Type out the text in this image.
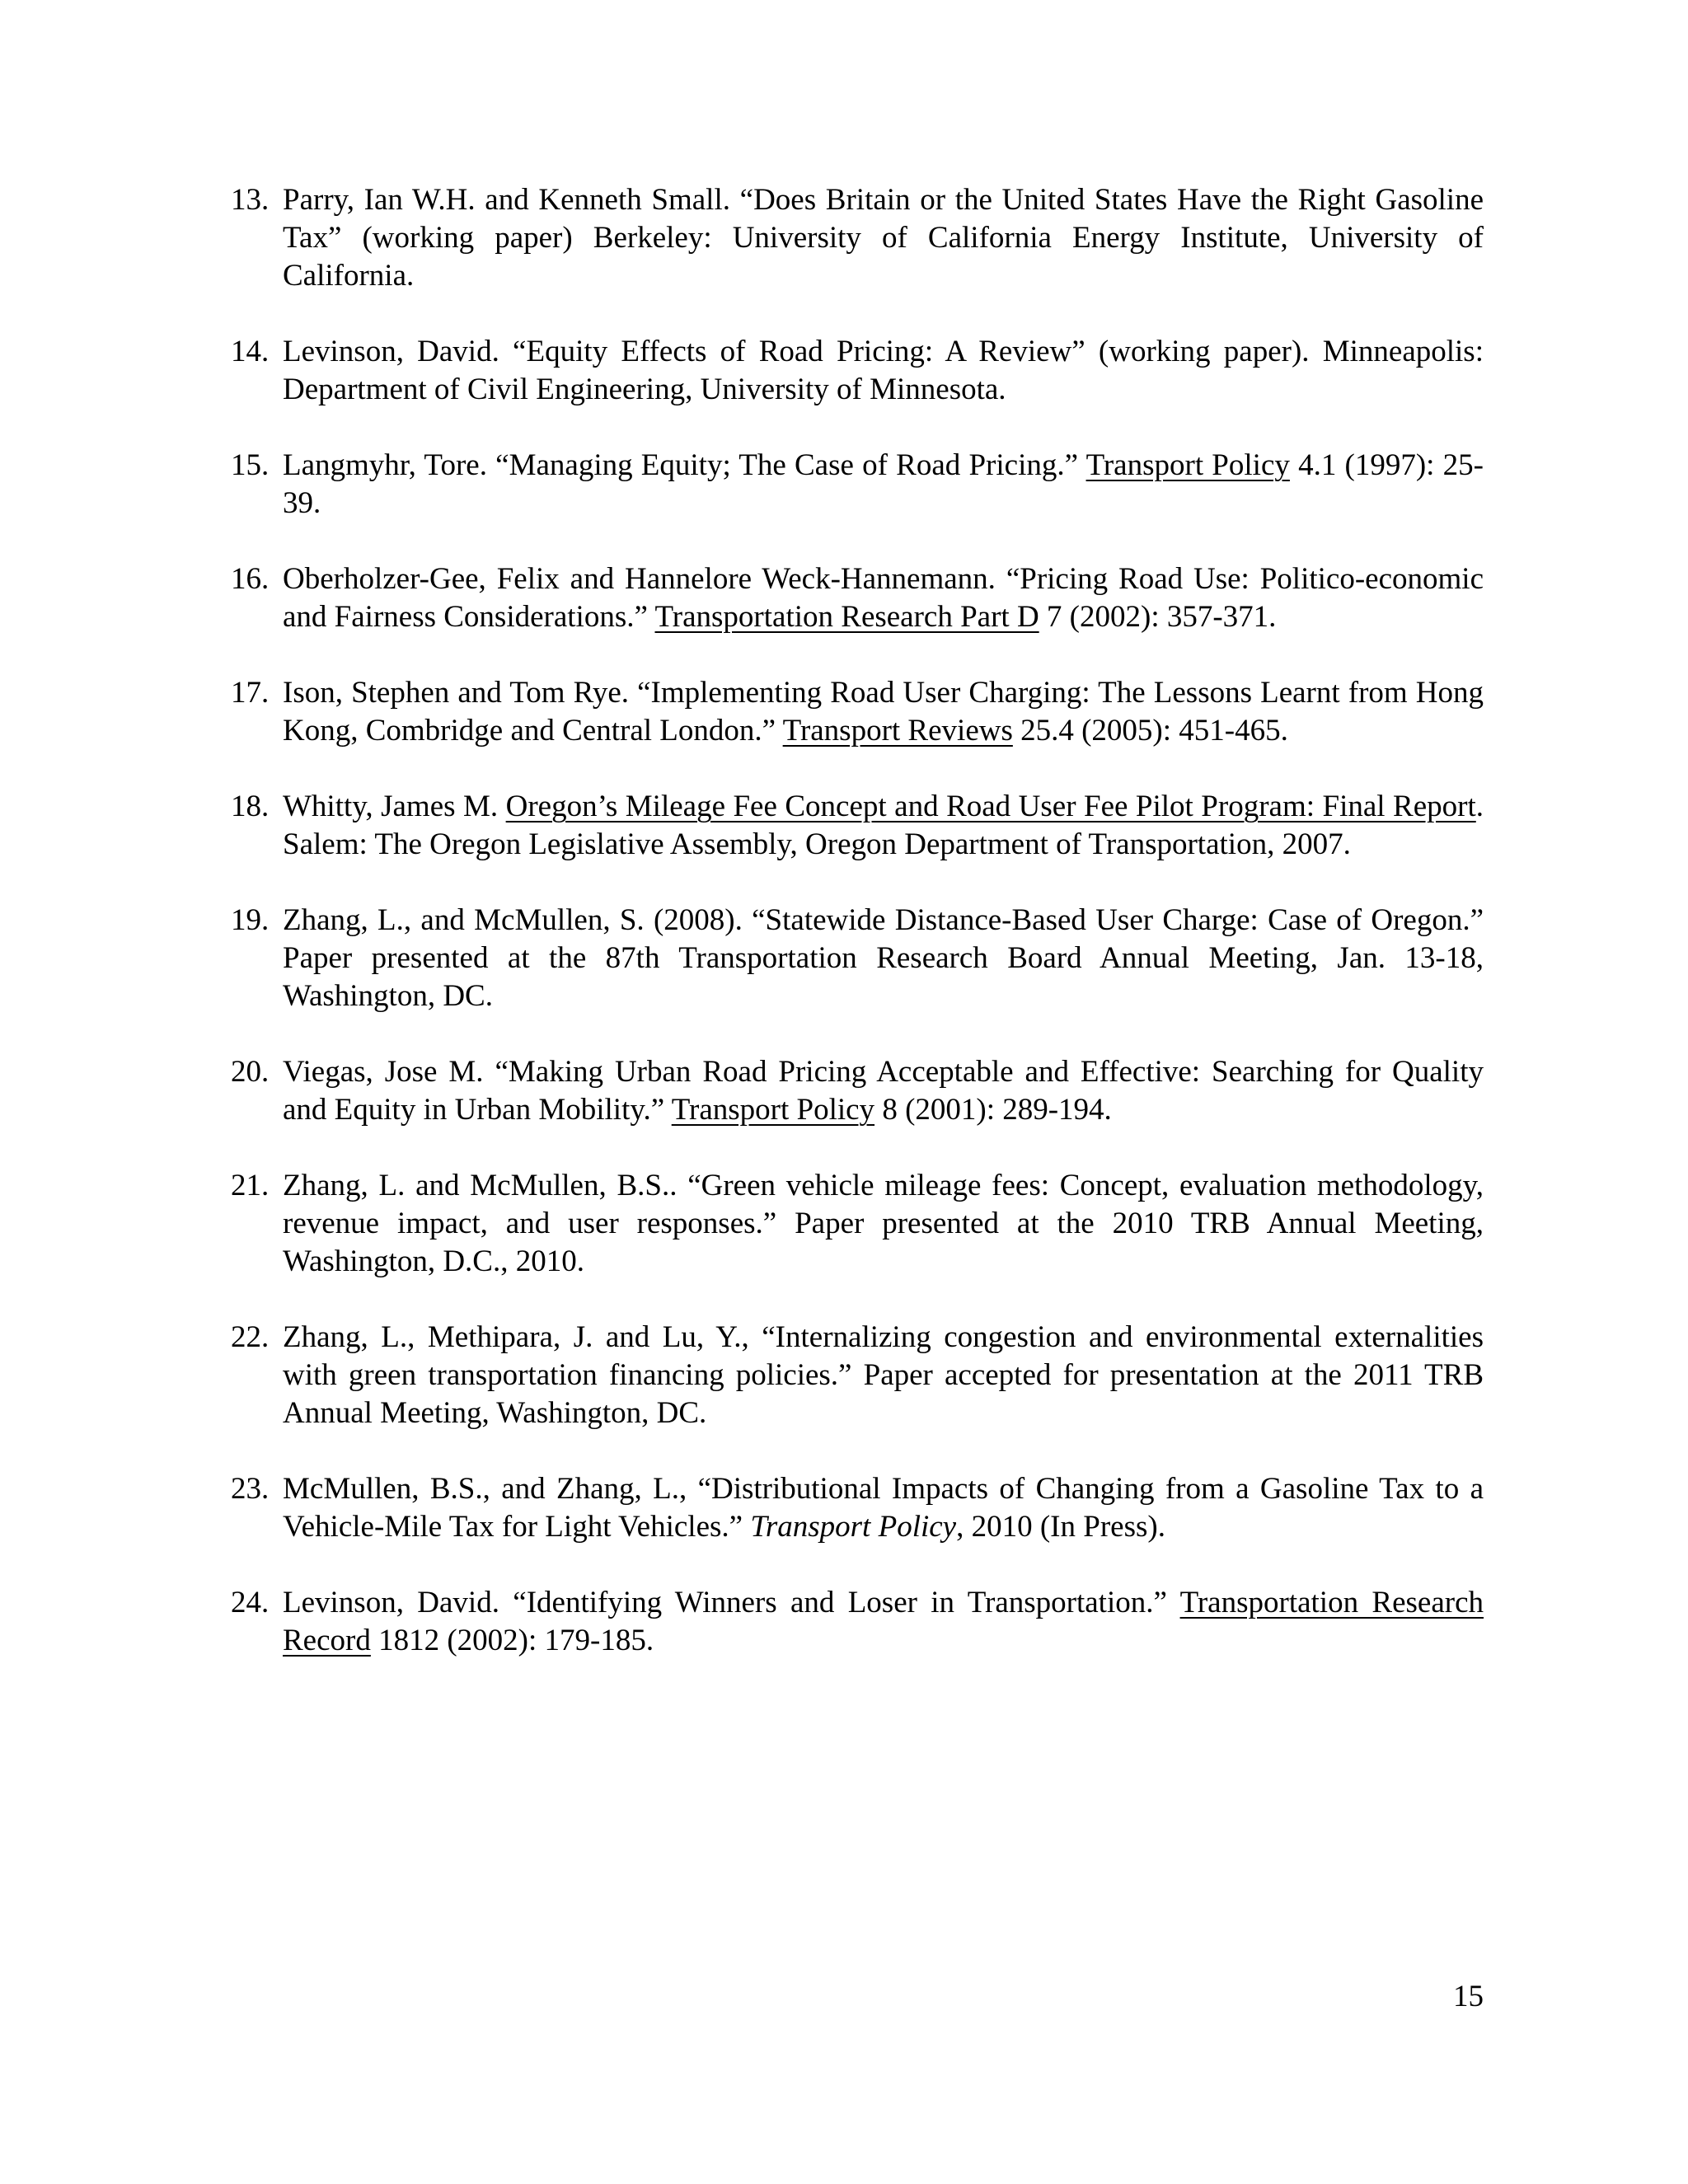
13. Parry, Ian W.H. and Kenneth Small. “Does Britain or the United States Have the Right Gasoline Tax” (working paper) Berkeley: University of California Energy Institute, University of California.
14. Levinson, David. “Equity Effects of Road Pricing: A Review” (working paper). Minneapolis: Department of Civil Engineering, University of Minnesota.
15. Langmyhr, Tore. “Managing Equity; The Case of Road Pricing.” Transport Policy 4.1 (1997): 25-39.
16. Oberholzer-Gee, Felix and Hannelore Weck-Hannemann. “Pricing Road Use: Politico-economic and Fairness Considerations.” Transportation Research Part D 7 (2002): 357-371.
17. Ison, Stephen and Tom Rye. “Implementing Road User Charging: The Lessons Learnt from Hong Kong, Combridge and Central London.” Transport Reviews 25.4 (2005): 451-465.
18. Whitty, James M. Oregon’s Mileage Fee Concept and Road User Fee Pilot Program: Final Report. Salem: The Oregon Legislative Assembly, Oregon Department of Transportation, 2007.
19. Zhang, L., and McMullen, S. (2008). “Statewide Distance-Based User Charge: Case of Oregon.” Paper presented at the 87th Transportation Research Board Annual Meeting, Jan. 13-18, Washington, DC.
20. Viegas, Jose M. “Making Urban Road Pricing Acceptable and Effective: Searching for Quality and Equity in Urban Mobility.” Transport Policy 8 (2001): 289-194.
21. Zhang, L. and McMullen, B.S.. “Green vehicle mileage fees: Concept, evaluation methodology, revenue impact, and user responses.” Paper presented at the 2010 TRB Annual Meeting, Washington, D.C., 2010.
22. Zhang, L., Methipara, J. and Lu, Y., “Internalizing congestion and environmental externalities with green transportation financing policies.” Paper accepted for presentation at the 2011 TRB Annual Meeting, Washington, DC.
23. McMullen, B.S., and Zhang, L., “Distributional Impacts of Changing from a Gasoline Tax to a Vehicle-Mile Tax for Light Vehicles.” Transport Policy, 2010 (In Press).
24. Levinson, David. “Identifying Winners and Loser in Transportation.” Transportation Research Record 1812 (2002): 179-185.
15
